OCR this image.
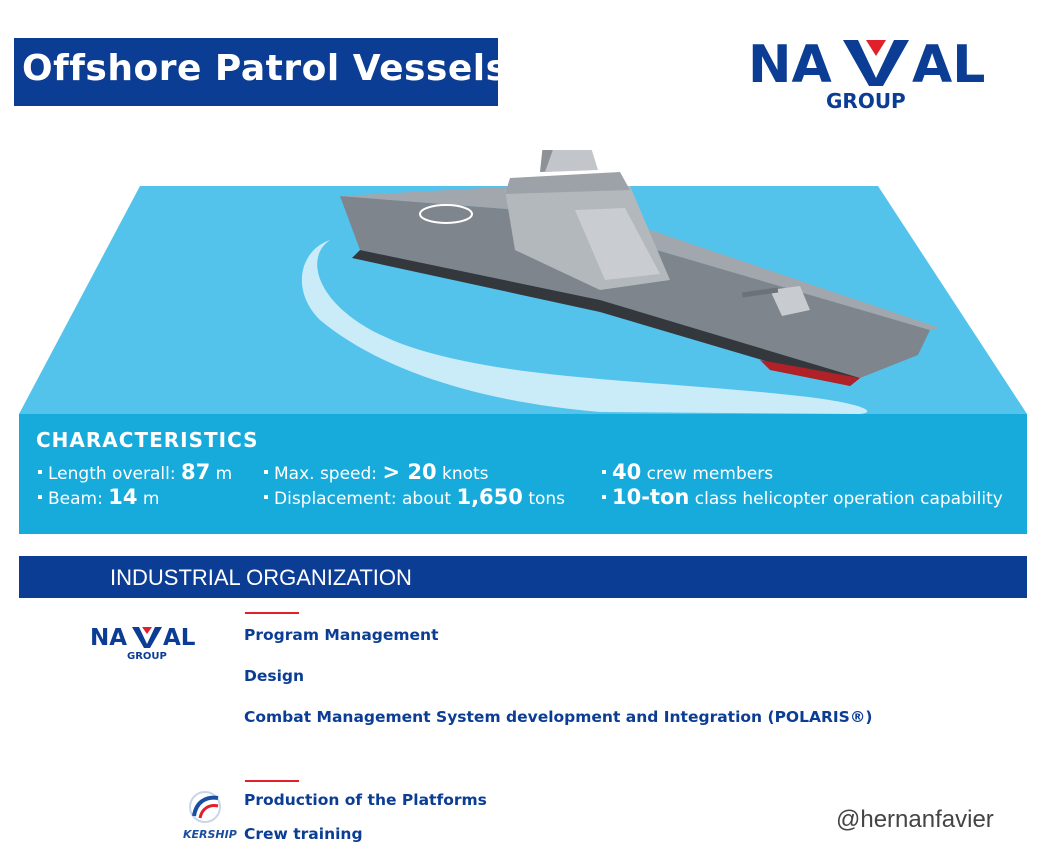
Offshore Patrol Vessels	NA AL
GROUP
CHARACTERISTICS
Length overall: 87 m
Beam: 14 m
Max. speed: > 20 knots
Displacement: about 1,650 tons
40 crew members
10-ton class helicopter operation capability
INDUSTRIAL ORGANIZATION
NA AL
GROUP
Program Management
Design
Combat Management System development and Integration (POLARIS®)
KERSHIP
Production of the Platforms
Crew training
@hernanfavier
